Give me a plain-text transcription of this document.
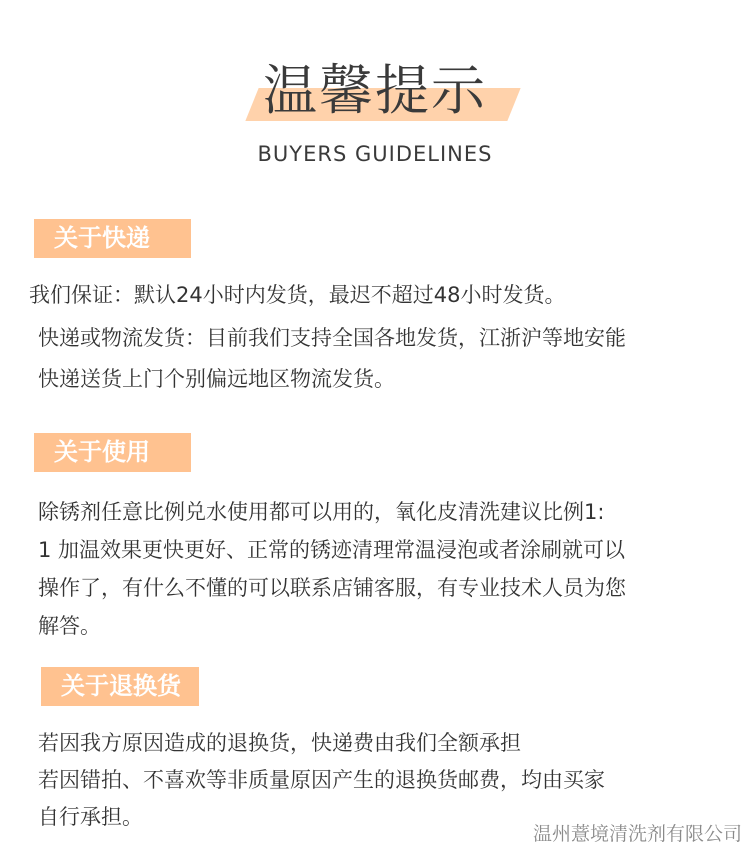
温馨提示
BUYERS GUIDELINES
关于快递
我们保证：默认24小时内发货，最迟不超过48小时发货。
快递或物流发货：目前我们支持全国各地发货，江浙沪等地安能
快递送货上门个别偏远地区物流发货。
关于使用
除锈剂任意比例兑水使用都可以用的，氧化皮清洗建议比例1:
1 加温效果更快更好、正常的锈迹清理常温浸泡或者涂刷就可以
操作了，有什么不懂的可以联系店铺客服，有专业技术人员为您
解答。
关于退换货
若因我方原因造成的退换货，快递费由我们全额承担
若因错拍、不喜欢等非质量原因产生的退换货邮费，均由买家
自行承担。
温州薏境清洗剂有限公司
